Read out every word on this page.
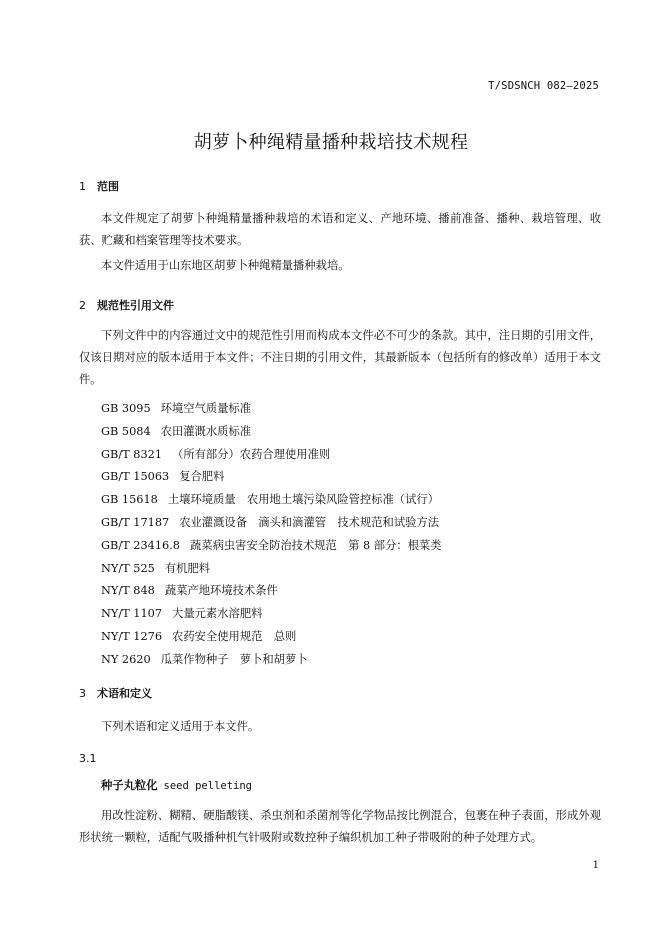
T/SDSNCH 082—2025
胡萝卜种绳精量播种栽培技术规程
1 范围

本文件规定了胡萝卜种绳精量播种栽培的术语和定义、产地环境、播前准备、播种、栽培管理、收获、贮藏和档案管理等技术要求。

本文件适用于山东地区胡萝卜种绳精量播种栽培。

2 规范性引用文件

下列文件中的内容通过文中的规范性引用而构成本文件必不可少的条款。其中，注日期的引用文件，仅该日期对应的版本适用于本文件；不注日期的引用文件，其最新版本（包括所有的修改单）适用于本文件。

GB 3095 环境空气质量标准
GB 5084 农田灌溉水质标准
GB/T 8321 （所有部分）农药合理使用准则
GB/T 15063 复合肥料
GB 15618 土壤环境质量　农用地土壤污染风险管控标准（试行）
GB/T 17187 农业灌溉设备　滴头和滴灌管　技术规范和试验方法
GB/T 23416.8 蔬菜病虫害安全防治技术规范　第 8 部分：根菜类
NY/T 525 有机肥料
NY/T 848 蔬菜产地环境技术条件
NY/T 1107 大量元素水溶肥料
NY/T 1276 农药安全使用规范　总则
NY 2620 瓜菜作物种子　萝卜和胡萝卜
3 术语和定义

下列术语和定义适用于本文件。

3.1
种子丸粒化 seed pelleting

用改性淀粉、糊精、硬脂酸镁、杀虫剂和杀菌剂等化学物品按比例混合，包裹在种子表面，形成外观形状统一颗粒，适配气吸播种机气针吸附或数控种子编织机加工种子带吸附的种子处理方式。

1
